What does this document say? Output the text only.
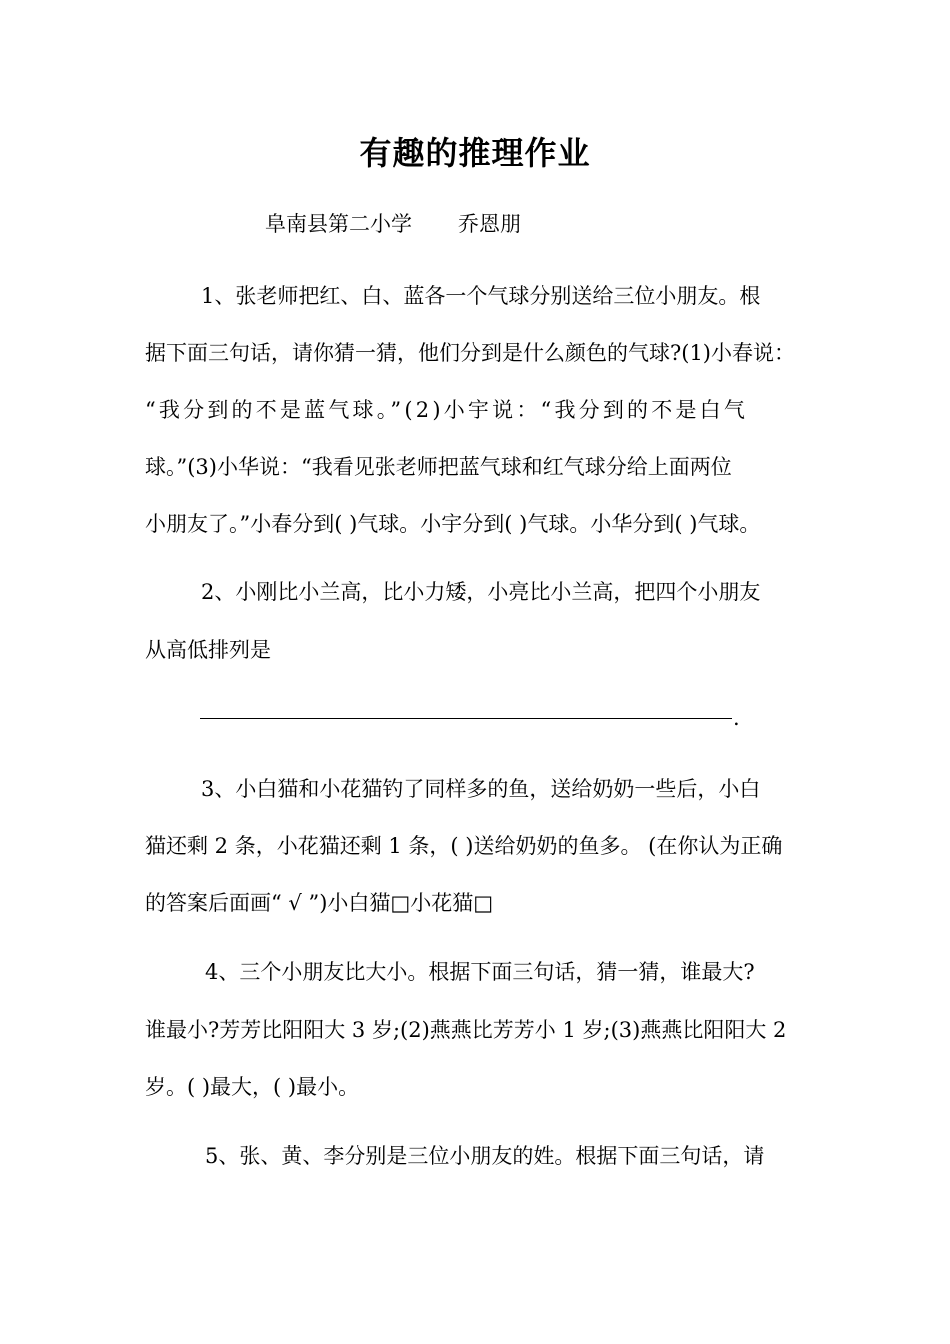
有趣的推理作业
阜南县第二小学 乔恩朋
1、张老师把红、白、蓝各一个气球分别送给三位小朋友。根
据下面三句话，请你猜一猜，他们分到是什么颜色的气球?(1)小春说：
“我分到的不是蓝气球。”(2)小宇说：“我分到的不是白气
球。”(3)小华说：“我看见张老师把蓝气球和红气球分给上面两位
小朋友了。”小春分到( )气球。小宇分到( )气球。小华分到( )气球。
2、小刚比小兰高，比小力矮，小亮比小兰高，把四个小朋友
从高低排列是
.
3、小白猫和小花猫钓了同样多的鱼，送给奶奶一些后，小白
猫还剩 2 条，小花猫还剩 1 条，( )送给奶奶的鱼多。 (在你认为正确
的答案后面画“ √ ”)小白猫□小花猫□
4、三个小朋友比大小。根据下面三句话，猜一猜，谁最大?
谁最小?芳芳比阳阳大 3 岁;(2)燕燕比芳芳小 1 岁;(3)燕燕比阳阳大 2
岁。( )最大，( )最小。
5、张、黄、李分别是三位小朋友的姓。根据下面三句话，请
